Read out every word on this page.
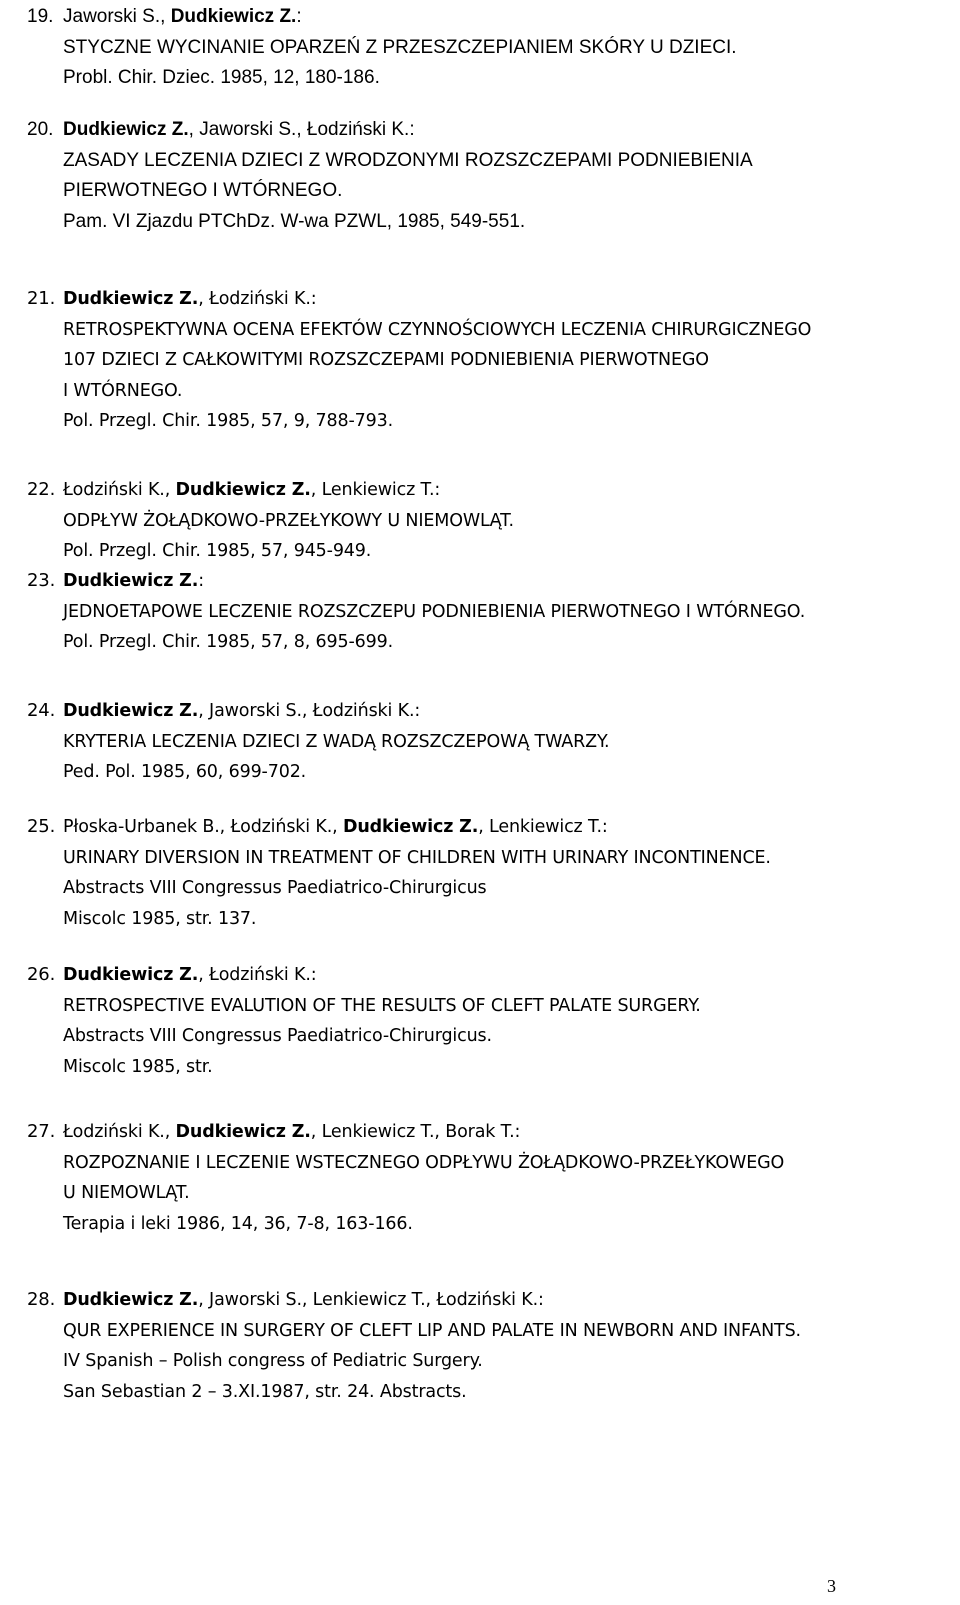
3
19. Jaworski S., Dudkiewicz Z.:
STYCZNE WYCINANIE OPARZEŃ Z PRZESZCZEPIANIEM SKÓRY U DZIECI.
Probl. Chir. Dziec. 1985, 12, 180-186.
20. Dudkiewicz Z., Jaworski S., Łodziński K.:
ZASADY LECZENIA DZIECI Z WRODZONYMI ROZSZCZEPAMI PODNIEBIENIA
PIERWOTNEGO I WTÓRNEGO.
Pam. VI Zjazdu PTChDz. W-wa PZWL, 1985, 549-551.
21. Dudkiewicz Z., Łodziński K.:
RETROSPEKTYWNA OCENA EFEKTÓW CZYNNOŚCIOWYCH LECZENIA CHIRURGICZNEGO
107 DZIECI Z CAŁKOWITYMI ROZSZCZEPAMI PODNIEBIENIA PIERWOTNEGO
I WTÓRNEGO.
Pol. Przegl. Chir. 1985, 57, 9, 788-793.
22. Łodziński K., Dudkiewicz Z., Lenkiewicz T.:
ODPŁYW ŻOŁĄDKOWO-PRZEŁYKOWY U NIEMOWLĄT.
Pol. Przegl. Chir. 1985, 57, 945-949.
23. Dudkiewicz Z.:
JEDNOETAPOWE LECZENIE ROZSZCZEPU PODNIEBIENIA PIERWOTNEGO I WTÓRNEGO.
Pol. Przegl. Chir. 1985, 57, 8, 695-699.
24. Dudkiewicz Z., Jaworski S., Łodziński K.:
KRYTERIA LECZENIA DZIECI Z WADĄ ROZSZCZEPOWĄ TWARZY.
Ped. Pol. 1985, 60, 699-702.
25. Płoska-Urbanek B., Łodziński K., Dudkiewicz Z., Lenkiewicz T.:
URINARY DIVERSION IN TREATMENT OF CHILDREN WITH URINARY INCONTINENCE.
Abstracts VIII Congressus Paediatrico-Chirurgicus
Miscolc 1985, str. 137.
26. Dudkiewicz Z., Łodziński K.:
RETROSPECTIVE EVALUTION OF THE RESULTS OF CLEFT PALATE SURGERY.
Abstracts VIII Congressus Paediatrico-Chirurgicus.
Miscolc 1985, str.
27. Łodziński K., Dudkiewicz Z., Lenkiewicz T., Borak T.:
ROZPOZNANIE I LECZENIE WSTECZNEGO ODPŁYWU ŻOŁĄDKOWO-PRZEŁYKOWEGO
U NIEMOWLĄT.
Terapia i leki 1986, 14, 36, 7-8, 163-166.
28. Dudkiewicz Z., Jaworski S., Lenkiewicz T., Łodziński K.:
QUR EXPERIENCE IN SURGERY OF CLEFT LIP AND PALATE IN NEWBORN AND INFANTS.
IV Spanish – Polish congress of Pediatric Surgery.
San Sebastian 2 – 3.XI.1987, str. 24. Abstracts.
